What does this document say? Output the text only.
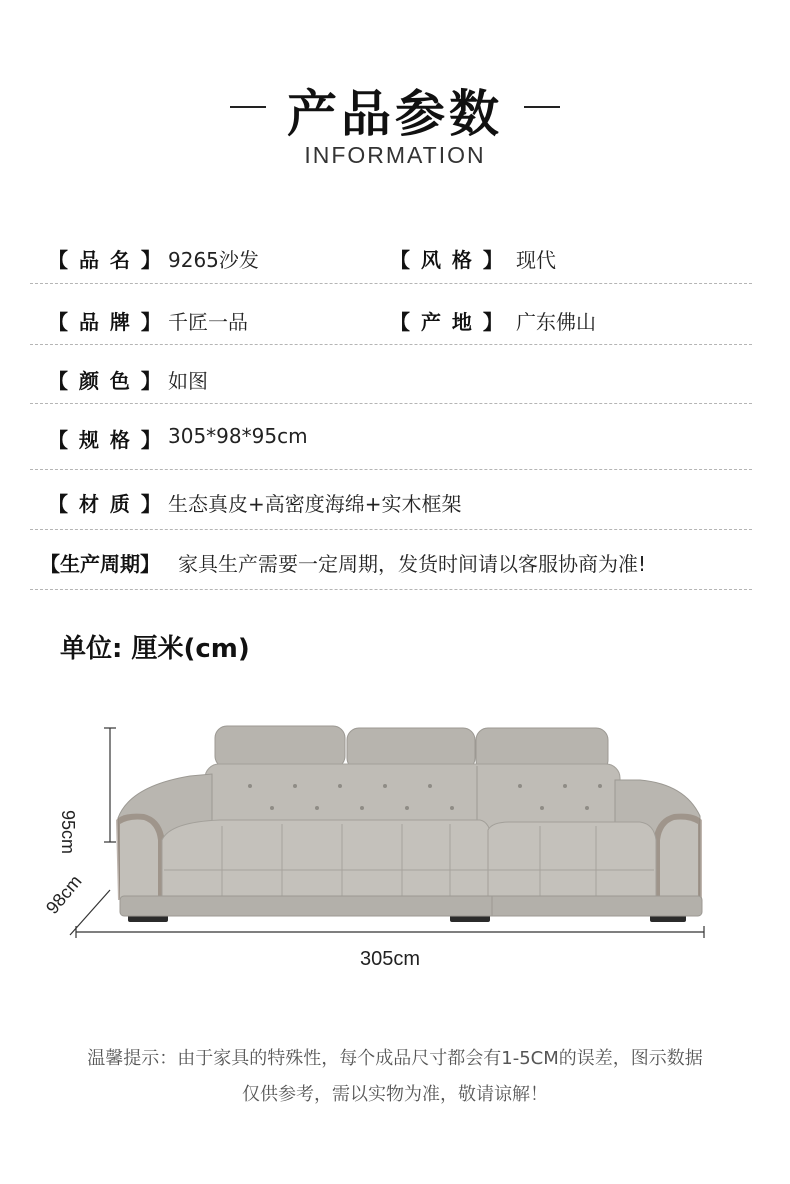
产品参数
INFORMATION
【 品 名 】 9265沙发	【 风 格 】 现代
【 品 牌 】 千匠一品	【 产 地 】 广东佛山
【 颜 色 】 如图
【 规 格 】 305*98*95cm
【 材 质 】 生态真皮+高密度海绵+实木框架
【生产周期】 家具生产需要一定周期，发货时间请以客服协商为准!
单位: 厘米(cm)
95cm
98cm
305cm
温馨提示：由于家具的特殊性，每个成品尺寸都会有1-5CM的误差，图示数据
仅供参考，需以实物为准，敬请谅解！
